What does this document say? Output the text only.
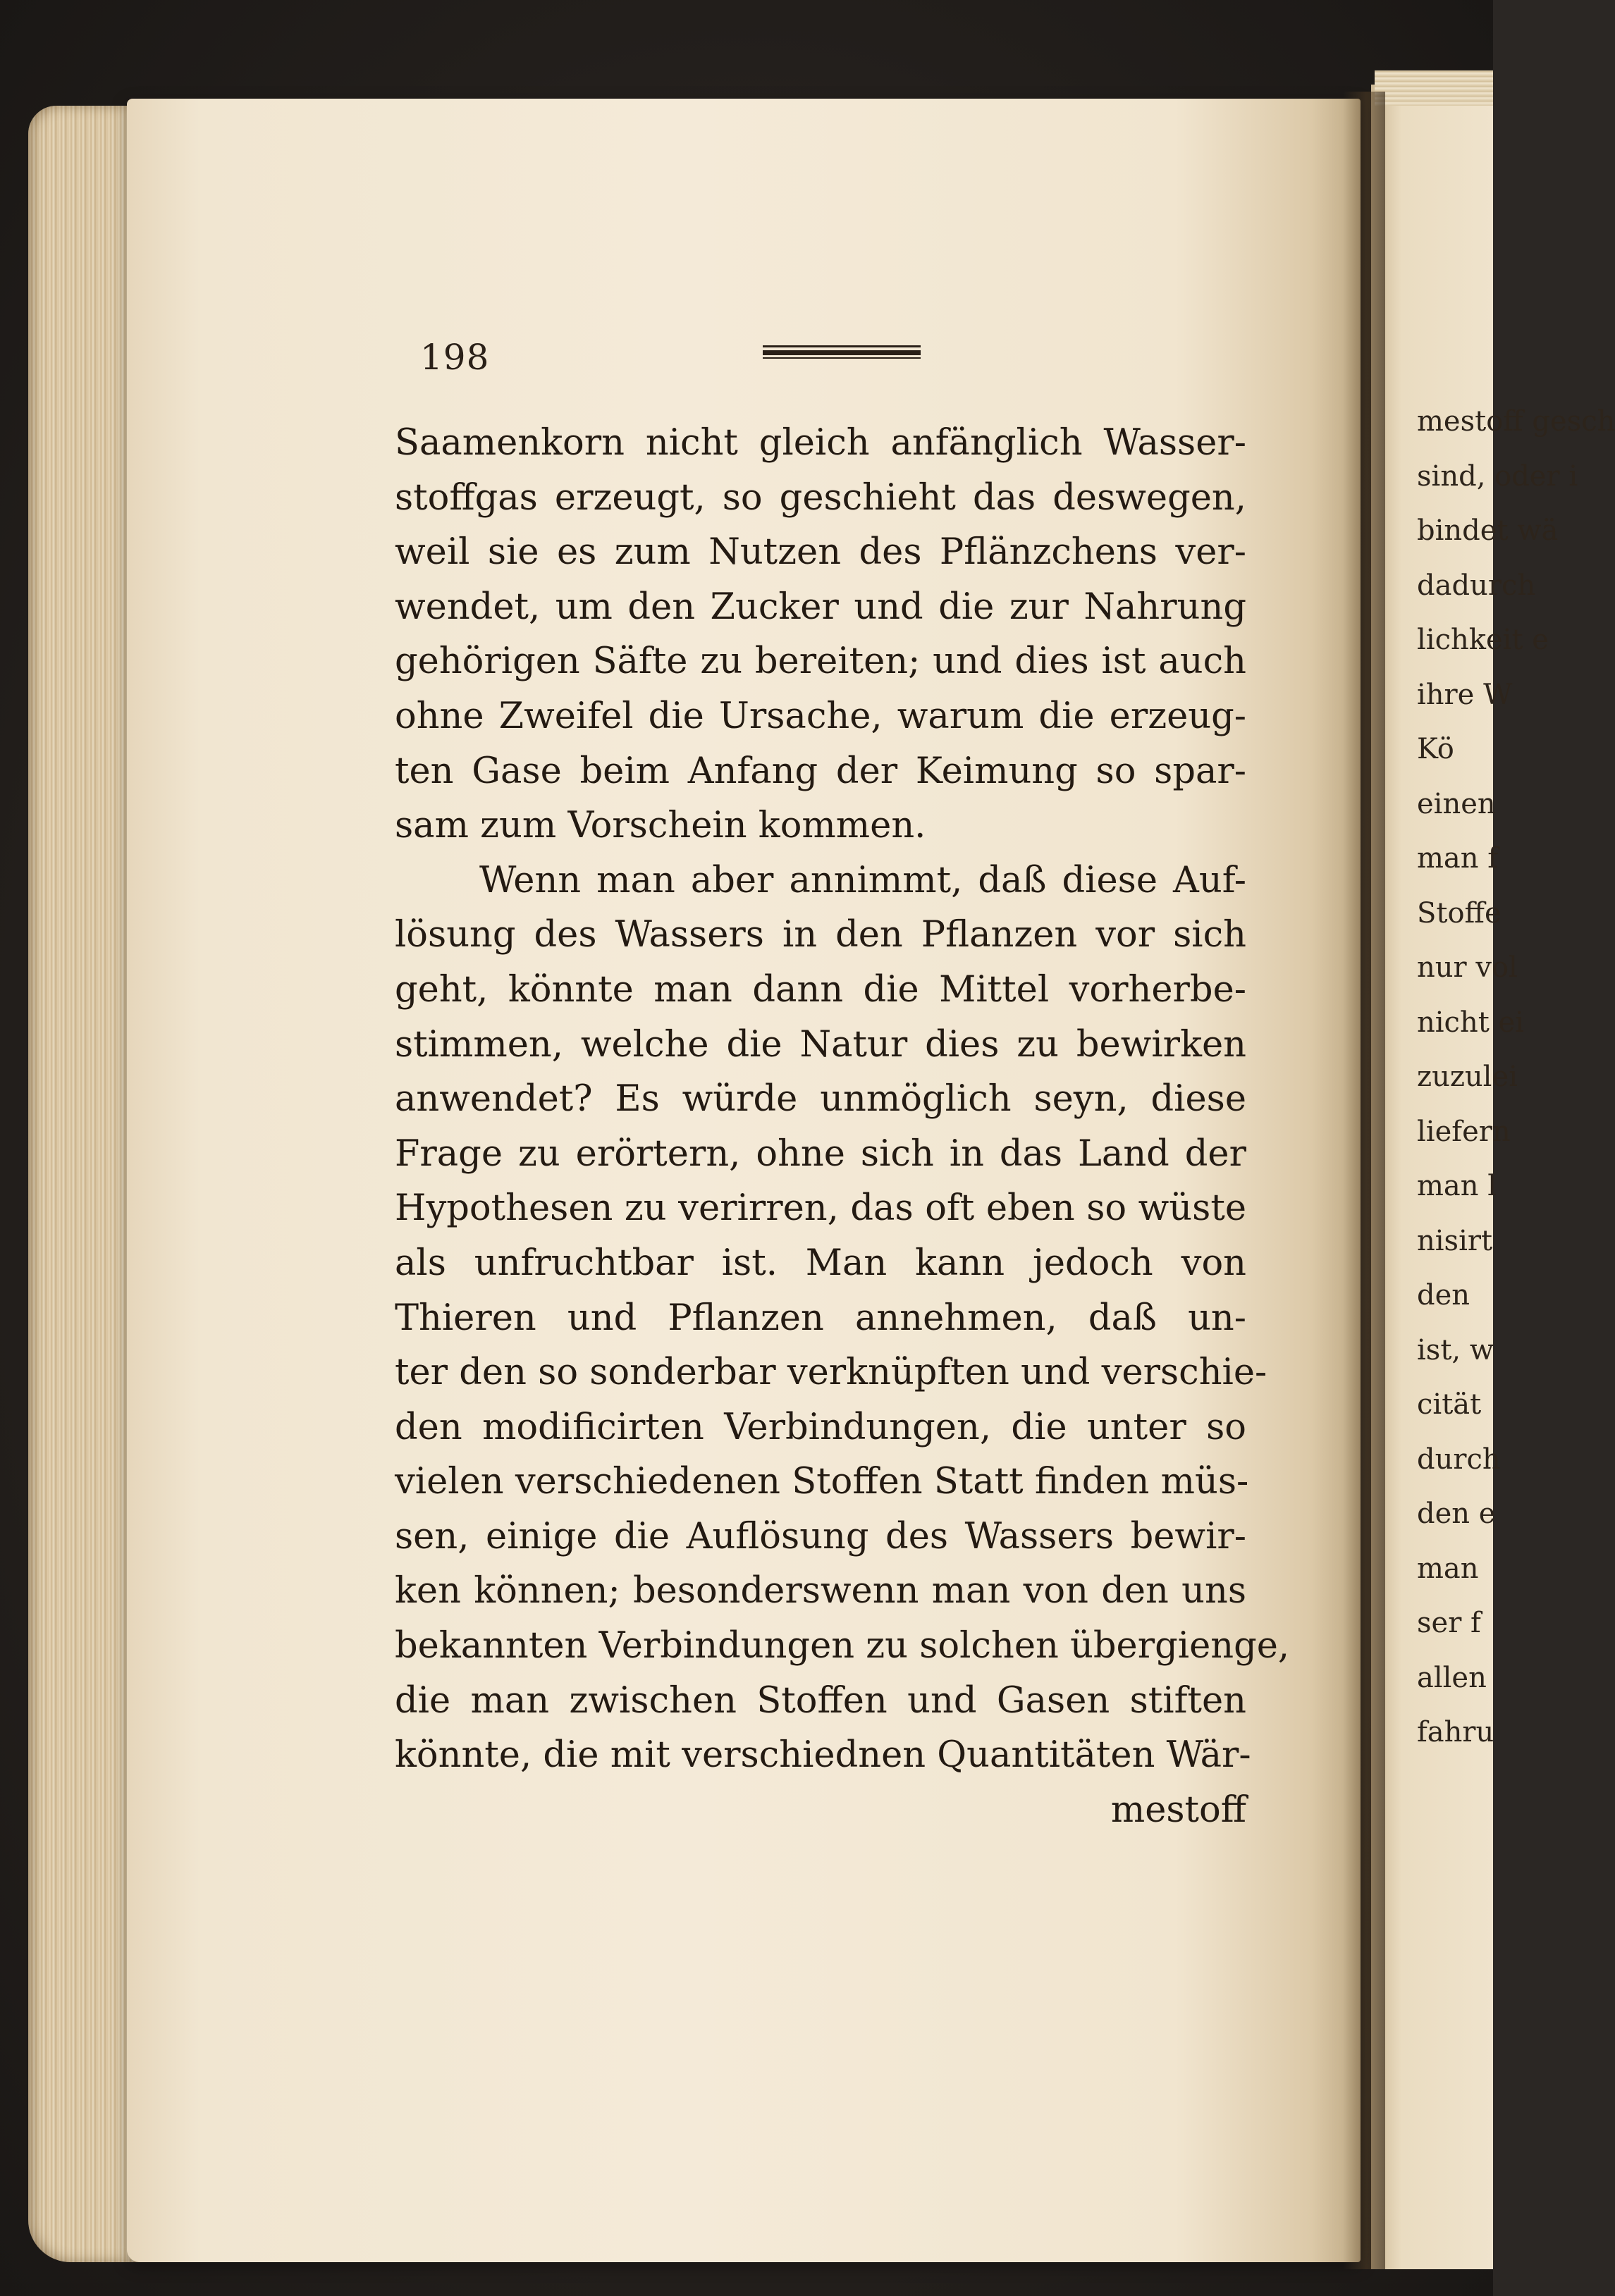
198
Saamenkorn nicht gleich anfänglich Wasser-
stoffgas erzeugt, so geschieht das deswegen,
weil sie es zum Nutzen des Pflänzchens ver-
wendet, um den Zucker und die zur Nahrung
gehörigen Säfte zu bereiten; und dies ist auch
ohne Zweifel die Ursache, warum die erzeug-
ten Gase beim Anfang der Keimung so spar-
sam zum Vorschein kommen.
Wenn man aber annimmt, daß diese Auf-
lösung des Wassers in den Pflanzen vor sich
geht, könnte man dann die Mittel vorherbe-
stimmen, welche die Natur dies zu bewirken
anwendet? Es würde unmöglich seyn, diese
Frage zu erörtern, ohne sich in das Land der
Hypothesen zu verirren, das oft eben so wüste
als unfruchtbar ist. Man kann jedoch von
Thieren und Pflanzen annehmen, daß un-
ter den so sonderbar verknüpften und verschie-
den modificirten Verbindungen, die unter so
vielen verschiedenen Stoffen Statt finden müs-
sen, einige die Auflösung des Wassers bewir-
ken können; besonderswenn man von den uns
bekannten Verbindungen zu solchen übergienge,
die man zwischen Stoffen und Gasen stiften
könnte, die mit verschiednen Quantitäten Wär-
mestoff
mestoff gesch
sind, oder i
bindet wä
dadurch
lichkeit e
ihre W
Kö
einen
man f
Stoffe
nur vol
nicht ei
zuzulei
liefern
man l
nisirt
den
ist, w
cität
durch
den e
man
ser f
allen
fahru
